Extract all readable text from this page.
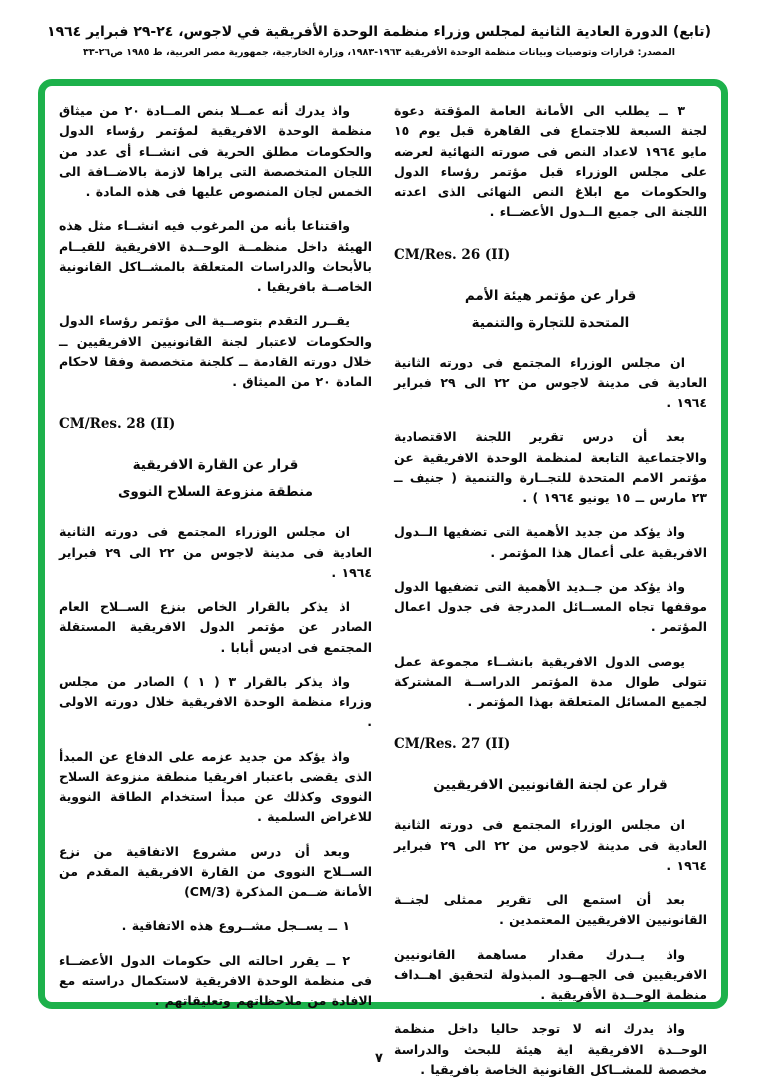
(تابع) الدورة العادية الثانية لمجلس وزراء منظمة الوحدة الأفريقية في لاجوس، ٢٤-٢٩ فبراير ١٩٦٤
المصدر: قرارات وتوصيات وبيانات منظمة الوحدة الأفريقية ١٩٦٣-١٩٨٣، وزارة الخارجية، جمهورية مصر العربية، ط ١٩٨٥ ص٢٦-٣٣

٣ ــ يطلب الى الأمانة العامة المؤقتة دعوة لجنة السبعة للاجتماع فى القاهرة قبل يوم ١٥ مايو ١٩٦٤ لاعداد النص فى صورته النهائية لعرضه على مجلس الوزراء قبل مؤتمر رؤساء الدول والحكومات مع ابلاغ النص النهائى الذى اعدته اللجنة الى جميع الــدول الأعضــاء .

CM/Res. 26 (II)
قرار عن مؤتمر هيئة الأمم
المتحدة للتجارة والتنمية

ان مجلس الوزراء المجتمع فى دورته الثانية العادية فى مدينة لاجوس من ٢٢ الى ٢٩ فبراير ١٩٦٤ .

بعد أن درس تقرير اللجنة الاقتصادية والاجتماعية التابعة لمنظمة الوحدة الافريقية عن مؤتمر الامم المتحدة للتجــارة والتنمية ( جنيف ــ ٢٣ مارس ــ ١٥ يونيو ١٩٦٤ ) .

واذ يؤكد من جديد الأهمية التى تضفيها الــدول الافريقية على أعمال هذا المؤتمر .

واذ يؤكد من جــديد الأهمية التى تضفيها الدول موقفها تجاه المســائل المدرجة فى جدول اعمال المؤتمر .

يوصى الدول الافريقية بانشــاء مجموعة عمل تتولى طوال مدة المؤتمر الدراســة المشتركة لجميع المسائل المتعلقة بهذا المؤتمر .

CM/Res. 27 (II)
قرار عن لجنة القانونيين الافريقيين

ان مجلس الوزراء المجتمع فى دورته الثانية العادية فى مدينة لاجوس من ٢٢ الى ٢٩ فبراير ١٩٦٤ .

بعد أن استمع الى تقرير ممثلى لجنــة القانونيين الافريقيين المعتمدين .

واذ يــدرك مقدار مساهمة القانونيين الافريقيين فى الجهــود المبذولة لتحقيق اهــداف منظمة الوحــدة الأفريقية .

واذ يدرك انه لا توجد حاليا داخل منظمة الوحــدة الافريقية اية هيئة للبحث والدراسة مخصصة للمشــاكل القانونية الخاصة بافريقيا .

واذ يدرك أنه عمــلا بنص المــادة ٢٠ من ميثاق منظمة الوحدة الافريقية لمؤتمر رؤساء الدول والحكومات مطلق الحرية فى انشــاء أى عدد من اللجان المتخصصة التى يراها لازمة بالاضــافة الى الخمس لجان المنصوص عليها فى هذه المادة .

واقتناعا بأنه من المرغوب فيه انشــاء مثل هذه الهيئة داخل منظمــة الوحــدة الافريقية للقيــام بالأبحاث والدراسات المتعلقة بالمشــاكل القانونية الخاصــة بافريقيا .

يقــرر التقدم بتوصــية الى مؤتمر رؤساء الدول والحكومات لاعتبار لجنة القانونيين الافريقيين ــ خلال دورته القادمة ــ كلجنة متخصصة وفقا لاحكام المادة ٢٠ من الميثاق .

CM/Res. 28 (II)
قرار عن القارة الافريقية
منطقة منزوعة السلاح النووى

ان مجلس الوزراء المجتمع فى دورته الثانية العادية فى مدينة لاجوس من ٢٢ الى ٢٩ فبراير ١٩٦٤ .

اذ يذكر بالقرار الخاص بنزع الســلاح العام الصادر عن مؤتمر الدول الافريقية المستقلة المجتمع فى اديس أبابا .

واذ يذكر بالقرار ٣ ( ١ ) الصادر من مجلس وزراء منظمة الوحدة الافريقية خلال دورته الاولى .

واذ يؤكد من جديد عزمه على الدفاع عن المبدأ الذى يقضى باعتبار افريقيا منطقة منزوعة السلاح النووى وكذلك عن مبدأ استخدام الطاقة النووية للاغراض السلمية .

وبعد أن درس مشروع الاتفاقية من نزع الســلاح النووى من القارة الافريقية المقدم من الأمانة ضــمن المذكرة (CM/3)

١ ــ يســجل مشــروع هذه الاتفاقية .

٢ ــ يقرر احالته الى حكومات الدول الأعضــاء فى منظمة الوحدة الافريقية لاستكمال دراسته مع الافادة من ملاحظاتهم وتعليقاتهم .

٧
